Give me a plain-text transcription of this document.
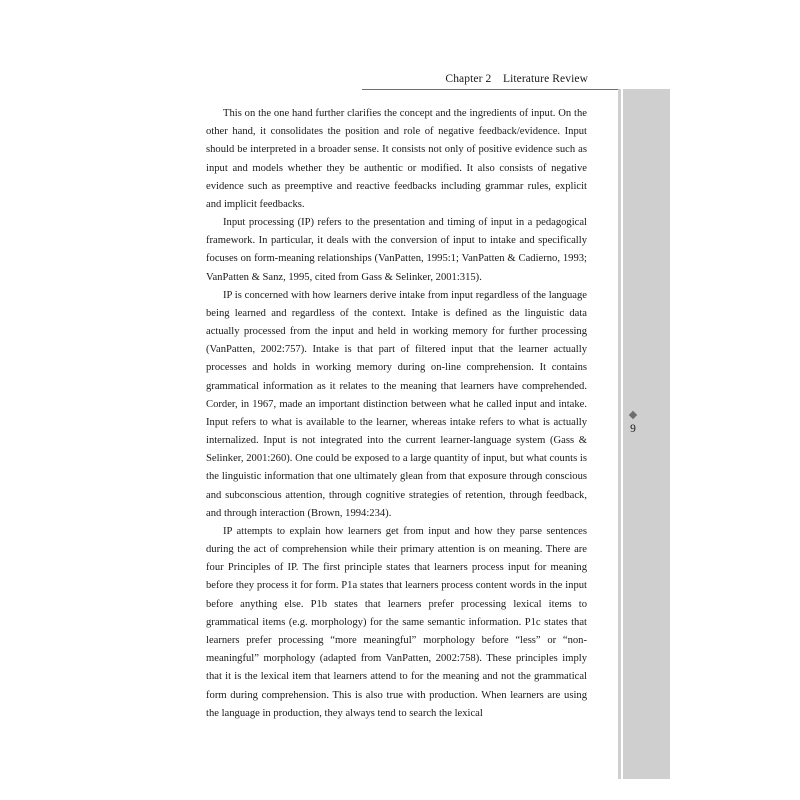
Chapter 2 Literature Review
9

This on the one hand further clarifies the concept and the ingredients of input. On the other hand, it consolidates the position and role of negative feedback/evidence. Input should be interpreted in a broader sense. It consists not only of positive evidence such as input and models whether they be authentic or modified. It also consists of negative evidence such as preemptive and reactive feedbacks including grammar rules, explicit and implicit feedbacks.

Input processing (IP) refers to the presentation and timing of input in a pedagogical framework. In particular, it deals with the conversion of input to intake and specifically focuses on form-meaning relationships (VanPatten, 1995:1; VanPatten & Cadierno, 1993; VanPatten & Sanz, 1995, cited from Gass & Selinker, 2001:315).

IP is concerned with how learners derive intake from input regardless of the language being learned and regardless of the context. Intake is defined as the linguistic data actually processed from the input and held in working memory for further processing (VanPatten, 2002:757). Intake is that part of filtered input that the learner actually processes and holds in working memory during on-line comprehension. It contains grammatical information as it relates to the meaning that learners have comprehended. Corder, in 1967, made an important distinction between what he called input and intake. Input refers to what is available to the learner, whereas intake refers to what is actually internalized. Input is not integrated into the current learner-language system (Gass & Selinker, 2001:260). One could be exposed to a large quantity of input, but what counts is the linguistic information that one ultimately glean from that exposure through conscious and subconscious attention, through cognitive strategies of retention, through feedback, and through interaction (Brown, 1994:234).

IP attempts to explain how learners get from input and how they parse sentences during the act of comprehension while their primary attention is on meaning. There are four Principles of IP. The first principle states that learners process input for meaning before they process it for form. P1a states that learners process content words in the input before anything else. P1b states that learners prefer processing lexical items to grammatical items (e.g. morphology) for the same semantic information. P1c states that learners prefer processing “more meaningful” morphology before “less” or “non-meaningful” morphology (adapted from VanPatten, 2002:758). These principles imply that it is the lexical item that learners attend to for the meaning and not the grammatical form during comprehension. This is also true with production. When learners are using the language in production, they always tend to search the lexical
